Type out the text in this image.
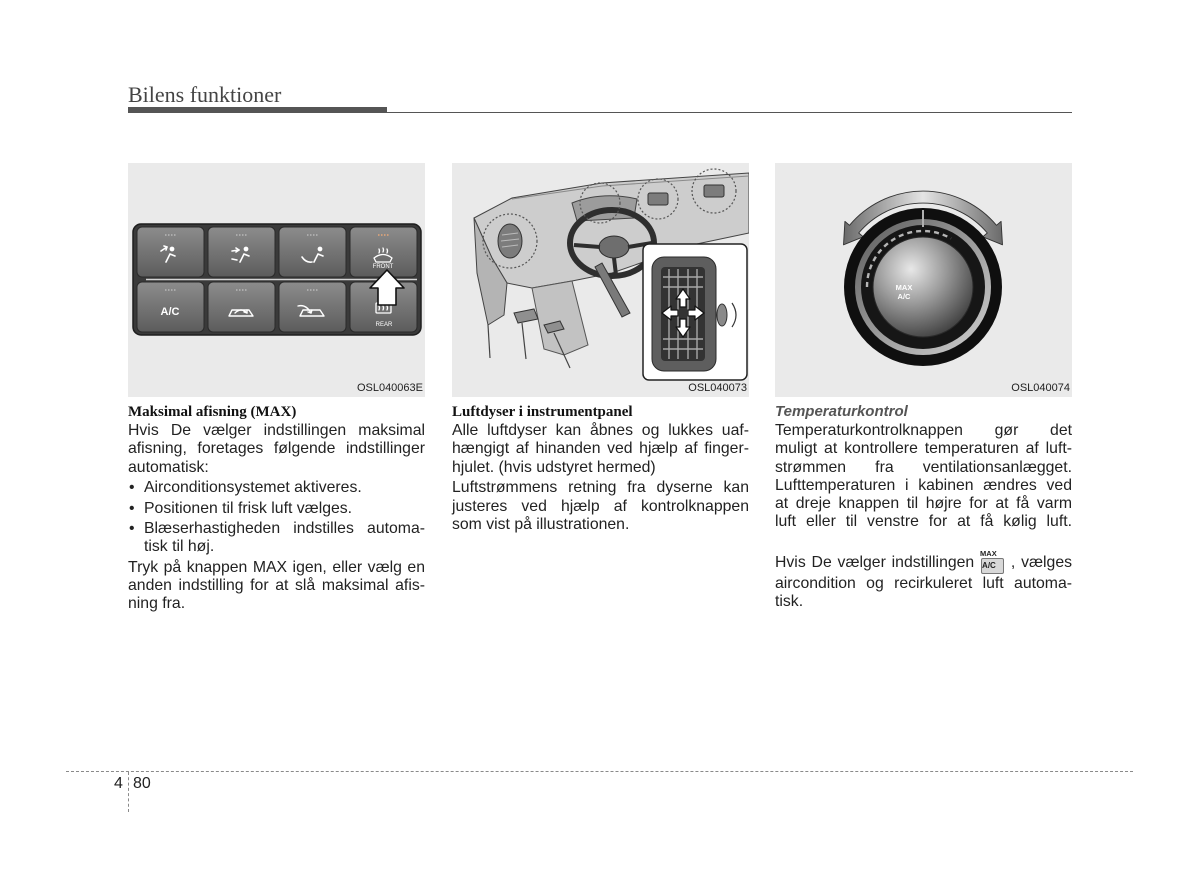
Bilens funktioner
FRONT
A/C
REAR
OSL040063E	OSL040073
MAX
A/C
OSL040074
Maksimal afisning (MAX)
Hvis De vælger indstillingen maksimal
afisning, foretages følgende indstillinger
automatisk:
• Airconditionsystemet aktiveres.
• Positionen til frisk luft vælges.
• Blæserhastigheden indstilles automa-
tisk til høj.
Tryk på knappen MAX igen, eller vælg en
anden indstilling for at slå maksimal afis-
ning fra.
Luftdyser i instrumentpanel
Alle luftdyser kan åbnes og lukkes uaf-
hængigt af hinanden ved hjælp af finger-
hjulet. (hvis udstyret hermed)
Luftstrømmens retning fra dyserne kan
justeres ved hjælp af kontrolknappen
som vist på illustrationen.
Temperaturkontrol
Temperaturkontrolknappen gør det
muligt at kontrollere temperaturen af luft-
strømmen fra ventilationsanlægget.
Lufttemperaturen i kabinen ændres ved
at dreje knappen til højre for at få varm
luft eller til venstre for at få kølig luft.
Hvis De vælger indstillingen
MAX
A/C , vælges
aircondition og recirkuleret luft automa-
tisk.
4 80
